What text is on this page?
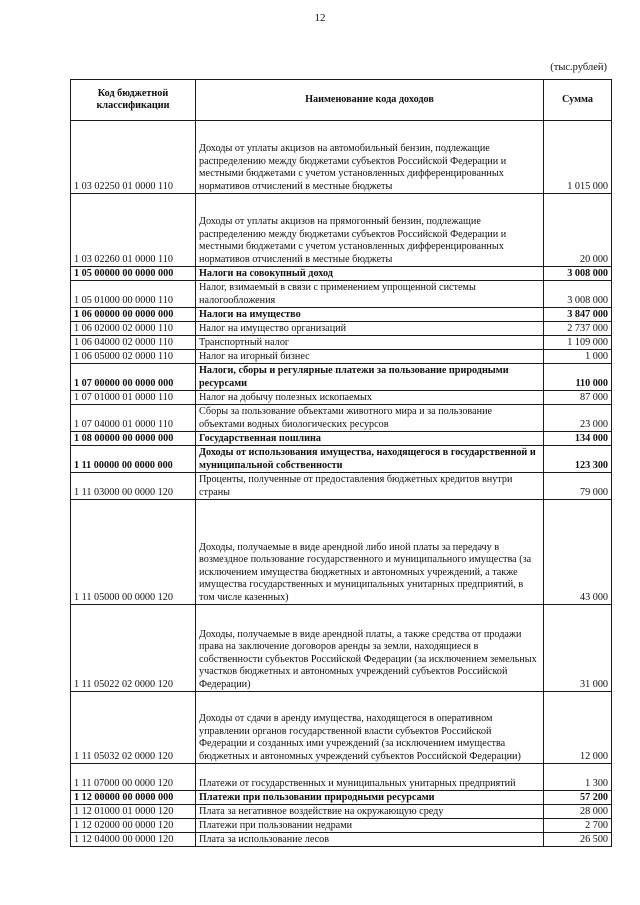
12
(тыс.рублей)
Код бюджетной классификации	Наименование кода доходов	Сумма
1 03 02250 01 0000 110	Доходы от уплаты акцизов на автомобильный бензин, подлежащие распределению между бюджетами субъектов Российской Федерации и местными бюджетами с учетом установленных дифференцированных нормативов отчислений в местные бюджеты	1 015 000
1 03 02260 01 0000 110	Доходы от уплаты акцизов на прямогонный бензин, подлежащие распределению между бюджетами субъектов Российской Федерации и местными бюджетами с учетом установленных дифференцированных нормативов отчислений в местные бюджеты	20 000
1 05 00000 00 0000 000	Налоги на совокупный доход	3 008 000
1 05 01000 00 0000 110	Налог, взимаемый в связи с применением упрощенной системы налогообложения	3 008 000
1 06 00000 00 0000 000	Налоги на имущество	3 847 000
1 06 02000 02 0000 110	Налог на имущество организаций	2 737 000
1 06 04000 02 0000 110	Транспортный налог	1 109 000
1 06 05000 02 0000 110	Налог на игорный бизнес	1 000
1 07 00000 00 0000 000	Налоги, сборы и регулярные платежи за пользование природными ресурсами	110 000
1 07 01000 01 0000 110	Налог на добычу полезных ископаемых	87 000
1 07 04000 01 0000 110	Сборы за пользование объектами животного мира и за пользование объектами водных биологических ресурсов	23 000
1 08 00000 00 0000 000	Государственная пошлина	134 000
1 11 00000 00 0000 000	Доходы от использования имущества, находящегося в государственной и муниципальной собственности	123 300
1 11 03000 00 0000 120	Проценты, полученные от предоставления бюджетных кредитов внутри страны	79 000
1 11 05000 00 0000 120	Доходы, получаемые в виде арендной либо иной платы за передачу в возмездное пользование государственного и муниципального имущества (за исключением имущества бюджетных и автономных учреждений, а также имущества государственных и муниципальных унитарных предприятий, в том числе казенных)	43 000
1 11 05022 02 0000 120	Доходы, получаемые в виде арендной платы, а также средства от продажи права на заключение договоров аренды за земли, находящиеся в собственности субъектов Российской Федерации (за исключением земельных участков бюджетных и автономных учреждений субъектов Российской Федерации)	31 000
1 11 05032 02 0000 120	Доходы от сдачи в аренду имущества, находящегося в оперативном управлении органов государственной власти субъектов Российской Федерации и созданных ими учреждений (за исключением имущества бюджетных и автономных учреждений субъектов Российской Федерации)	12 000
1 11 07000 00 0000 120	Платежи от государственных и муниципальных унитарных предприятий	1 300
1 12 00000 00 0000 000	Платежи при пользовании природными ресурсами	57 200
1 12 01000 01 0000 120	Плата за негативное воздействие на окружающую среду	28 000
1 12 02000 00 0000 120	Платежи при пользовании недрами	2 700
1 12 04000 00 0000 120	Плата за использование лесов	26 500
